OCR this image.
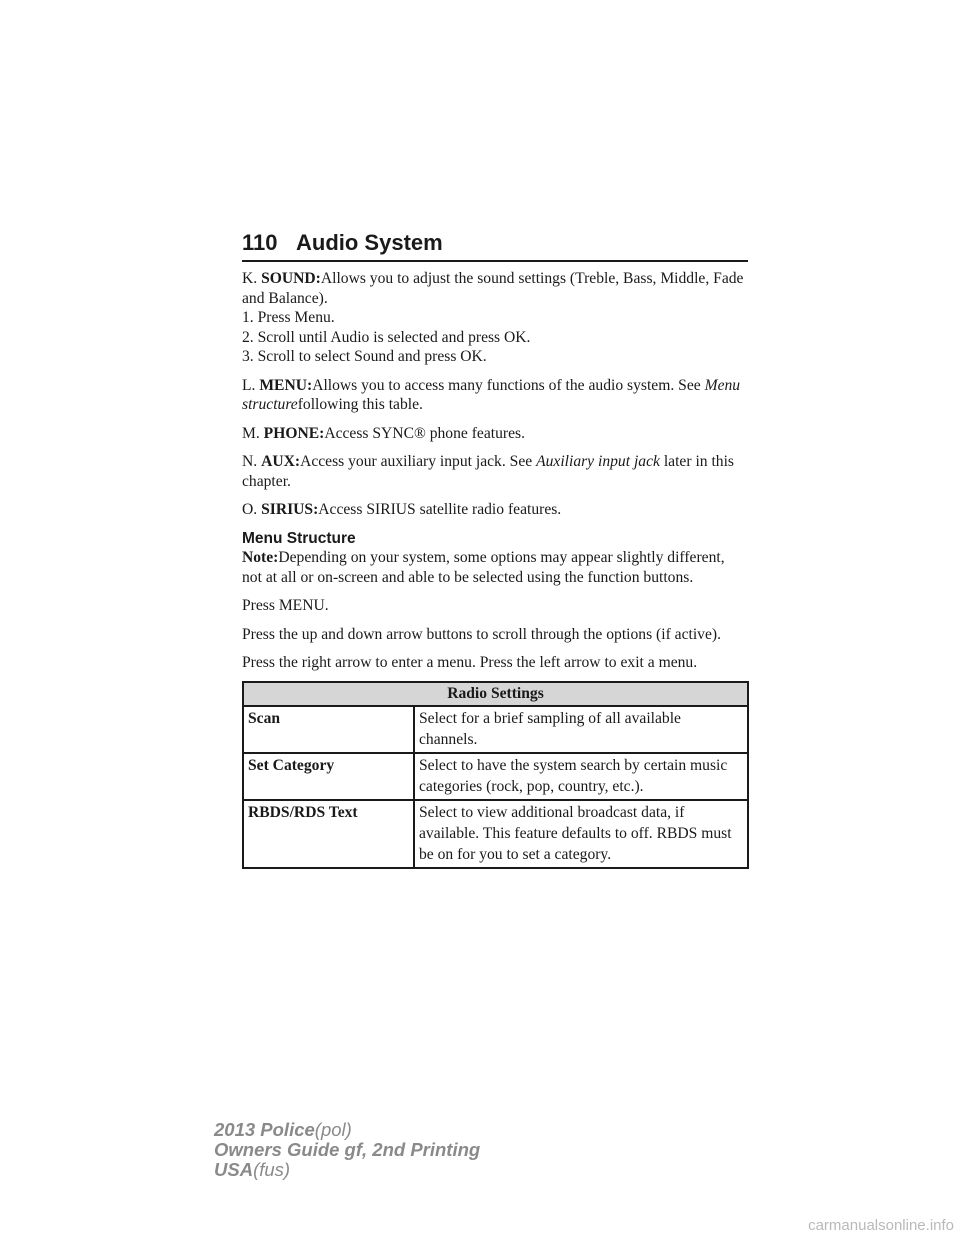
110 Audio System

K. SOUND:Allows you to adjust the sound settings (Treble, Bass, Middle, Fade and Balance).

1. Press Menu.

2. Scroll until Audio is selected and press OK.

3. Scroll to select Sound and press OK.

L. MENU:Allows you to access many functions of the audio system. See Menu structurefollowing this table.

M. PHONE:Access SYNC® phone features.

N. AUX:Access your auxiliary input jack. See Auxiliary input jack later in this chapter.

O. SIRIUS:Access SIRIUS satellite radio features.

Menu Structure

Note:Depending on your system, some options may appear slightly different, not at all or on-screen and able to be selected using the function buttons.

Press MENU.

Press the up and down arrow buttons to scroll through the options (if active).

Press the right arrow to enter a menu. Press the left arrow to exit a menu.

Radio Settings	
Scan	Select for a brief sampling of all available channels.
Set Category	Select to have the system search by certain music categories (rock, pop, country, etc.).
RBDS/RDS Text	Select to view additional broadcast data, if available. This feature defaults to off. RBDS must be on for you to set a category.
2013 Police(pol)
Owners Guide gf, 2nd Printing
USA(fus)
carmanualsonline.info
